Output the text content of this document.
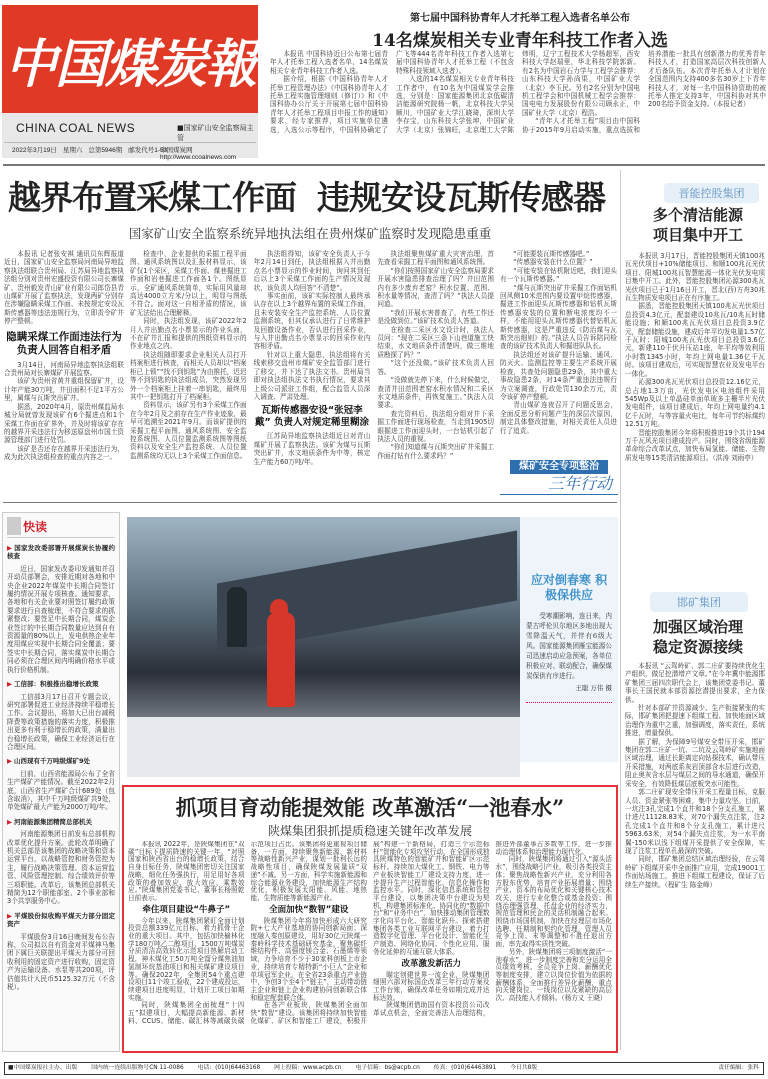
中国煤炭報
CHINA COAL NEWS	■国家矿山安全监察局主管
2022年3月19日 星期六 总第5946期 邮发代号1-53
中国煤炭网http://www.ccoalnews.com
第七届中国科协青年人才托举工程入选者名单公布
14名煤炭相关专业青年科技工作者入选

本报讯 中国科协近日公布第七届青年人才托举工程入选者名单，14名煤炭相关专业青年科技工作者入选。

据介绍，根据《中国科协青年人才托举工程管理办法》《中国科协青年人才托举工程实施管理细则（修订）》和《中国科协办公厅关于开展第七届中国科协青年人才托举工程项目申报工作的通知》要求，经专家推荐，项目实施单位遴选，入选公示等程序，中国科协确定了广飞等444名青年科技工作者入选第七届中国科协青年人才托举工程（不包含特殊科技领域入选者）。

入选的14名煤炭相关专业青年科技工作者中，有10名为中国煤炭学会推选，分别是：国家能源集团北京低碳清洁能源研究院杨一帆，北京科技大学吴顺川，中国矿业大学江晓琦，深圳大学李存宝，山东科技大学张坤，中国矿业大学（北京）张锦旺，北京理工大学陈炜明，辽宁工程技术大学杨超军，西安科技大学赵瑞里，华北科技学院郭新。有2名为中国岩石力学与工程学会推荐：山东科技大学孙尚渠，中国矿业大学（北京）李玉民。另有2名分别为中国电机工程学会和中国机械工程学会推荐：国电电力发展股份有限公司顾永正，中国矿业大学（北京）程浩。

“青年人才托举工程”项目由中国科协于2015年9月启动实施，重点选拔和培养潜能一批具有创新潜力的优秀青年科技人才，打造国家高层次科技创新人才后备队伍。本次青年托举人才计划在全国范围内支持400多名30岁上下青年科技人才，对每一名中国科协资助的被托举人推定支持3年，中国科协对其中200名给予资金支持。（本报记者）

越界布置采煤工作面  违规安设瓦斯传感器
国家矿山安全监察系统异地执法组在贵州煤矿监察时发现隐患重重

本报讯 记者张安祺 通讯员东辉报道 近日，国家矿山安全监察局河南局异地监察执法组联合贵州局、江苏局异地监察执法组分别对贵州宏盛投资有限公司长寨煤矿、贵州毅发青山矿业有限公司郎岱县青山煤矿开展了监察执法，发现两矿分别存在涉嫌隐瞒采煤工作面、未按规定安设瓦斯传感器等违法违规行为，立即责令矿井停产整顿。

隐瞒采煤工作面违法行为 负责人回答自相矛盾

3月14日，河南局异地监察执法组联合贵州局对长寨煤矿开展监察。

该矿为贵州省黄井重组保留矿井，设计年产能30万吨，井田面积不足1平方公里，属煤与瓦斯突出矿井。

据悉，2020年4月，原贵州煤监局水城分局就曾发现该矿有6个掘进点和1个采煤工作面在矿界外，并及时将该矿存在的越界开采违法行为移送原盘州市国土资源管理部门进行处罚。

该矿是否还存在越界开采违法行为，成为此次执法组检查的重点内容之一。

检查中，企业提供的采掘工程平面图、通风系统图以及汇报材料显示，该矿仅1个采区，采煤工作面、煤巷掘进工作面和岩巷掘进工作面各1个。图纸显示，全矿通风系统简单，实际用风量却高达4000立方米/分以上，明显与图纸不符合。面对这一自相矛盾的情况，该矿无法给出合理解释。

同时，执法组发现，该矿2022年2月入井出勤点名小票显示的作业头面，不在矿井汇报和提供的图纸资料显示的作业地点之内。

执法组随即要求企业相关人员打开档案柜进行核查，而相关人员却以“档案柜已上锁”“找不到钥匙”为由推托，迟迟等不到钥匙的执法组成员，突然发现另外一个档案柜上挂着一串钥匙，最终用其中一把钥匙打开了档案柜。

资料显示，该矿另有3个采煤工作面在今年2月及之前存在生产作业迹象，最早可追溯至2021年9月。而该矿提供的采掘工程平面图、通风系统图、安全监控系统图、人员位置监测系统图等图纸资料以及安全生产监控系统、人员位置监测系统均无以上3个采煤工作面信息。

执法组得知，该矿安全负责人于今年2月14日到任，执法组根据入井出勤点名小票显示的作业时间，询问其到任后以上3个采煤工作面的生产情况及现状，该负责人均回答“不清楚”。

事实面前，该矿实际控制人最终承认存在以上3个越界布置的采煤工作面，且未安装安全生产监控系统、人员位置监测系统，但其仅承认进行了日常维护及回撤设备作业，否认进行回采作业，与入井出勤点名小票显示的回采作业内容相矛盾。

针对以上重大隐患，执法组将有关线索移交盘州市煤矿安全监管部门进行了移交，并下达了执法文书。贵州局当即对执法组执法文书执行情况，要求其上级公司派驻工作组，配合监管人员深入调查、严肃处理。

瓦斯传感器安设“张冠李戴” 负责人对规定稀里糊涂

江苏局异地监察执法组近日对青山煤矿开展了监察执法。该矿为煤与瓦斯突出矿井，水文地质条件为中等，核定生产能力60万吨/年。

执法组聚焦煤矿重大灾害治理，首先查看采掘工程平面图和通风系统图。

“你们按照国家矿山安全监察局要求开展水害隐患排查治理了吗？井田范围内有多少废弃老窑？积水位置、范围、积水量等情况，查清了吗？”执法人员提问道。

“我们开展水害普查了，有些工作还是没做到位。”该矿技术负责人答道。

在检查二采区水文设计时，执法人员问：“现在二采区三条下山巷道施工快结束，水文地质条件清楚吗，做三维地质勘探了吗？”

“这个还没做。”该矿技术负责人回答。

“没做就先停下来，什么时候做完，查清井田范围老窑水积水情况和二采区水文地质条件，再恢复施工。”执法人员要求。

查完资料后，执法组分组对井下采掘工作面进行现场检查，当走到1905切眼掘进工作面迎头时，一台钻机引起了执法人员的重视。

“你们知道煤与瓦斯突出矿井采掘工作面打钻有什么要求吗？”

“可能要装瓦斯传感器吧。”

“传感器安装在什么位置？”

“可能安装在钻机附近吧，我们迎头有一个瓦斯传感器。”

“煤与瓦斯突出矿井采掘工作面钻机回风侧10米范围内要设置甲烷传感器，掘进工作面迎头瓦斯传感器和钻机瓦斯传感器安装的位置和断电浓度均不一样，不能用迎头瓦斯传感器代替钻机瓦斯传感器，这是严重违反《防治煤与瓦斯突出细则》的。”执法人员告诉陪同检查的该矿技术负责人和掘进队队长。

执法组还对该矿提升运输、通风、防灭火、监测监控等主要生产系统开展检查，共查处问题隐患29条，其中重大事故隐患2条，对14条严重违法违规行为立案调查，行政处罚130余万元，责令该矿停产整顿。

青山煤矿连夜召开了问题反思会，全面反思分析问题产生的深层次原因，制定具体整改措施，对相关责任人员进行了追责。

煤矿安全专项整治
三年行动
晋能控股集团
多个清洁能源项目集中开工

本报讯 3月17日，晋能控股集团天镇100兆瓦光伏项目+10%储能项目、和顺100兆瓦光伏项目、阳城100兆瓦智慧能源一体化光伏发电项目集中开工。此外，晋能控股集团沁源300兆瓦光伏项目已于1月16日开工，晋北(西)方舟30兆瓦生物质发电项目正在有序施工。

据悉，晋能控股集团天镇100兆瓦光伏项目总投资4.3亿元，配套建设10兆瓦/10兆瓦时储能设施；和顺100兆瓦光伏项目总投资3.9亿元，配套储能设施，建成后年平均发电量1.57亿千瓦时；阳城100兆瓦光伏项目总投资3.6亿元，新建110千伏升压站1座，年平均等效利用小时数1345小时，年均上网电量1.36亿千瓦时。该项目建成后，可实现智慧农业及发电平台一体化。

沁源300兆瓦光伏项目总投资12.16亿元，总占地1.3万亩，光伏发电区电池组件采用545Wp及以上单晶硅单面单玻多主栅半片光伏发电组件，该项目建成后，年均上网电量约4.1亿千瓦时，与等容量火电比，每年可节约标煤约12.51万吨。

晋能控股集团今年将积极推进19个共计194万千瓦风光项目建成投产。同时，围绕省级能源革命综合改革试点，加快布局氢能、储能、生物质发电等15类清洁能源项目。（洪涛 刘雨亭）

邯矿集团
加强区域治理 稳定资源接续

本报讯 “云驾岭矿、郭二庄矿要持续优化生产组织，做足挖潜增产文章。”在今年冀中能源邯矿集团三届四次职代会上，该集团党委书记、董事长王国民就本部资源挖潜提出要求，全力保供。

针对本部矿井资源减少、生产衔接紧张的实际，邯矿集团把提速下组煤工程、加快地面区域治理作为重中之重，加强调度，落实责任，系统推进，增量保供。

据了解，为保障9号煤安全带压开采，邯矿集团在郭二庄矿一坑、二坑及云驾岭矿实施地面区域治理，通过长距离定向钻探技术，确认带压开采措施，对两底系灰岩顶部含水层进行改造，阻止奥灰含水层与煤层之间的导水通道，确保开采安全，有效降低煤层底板突水可能性。

郭二庄矿现安全带压开采工程量目标，克服人员、资金紧张等困难，集中力量攻坚。目前，一坑注3孔完成1个直井和18个分支孔施工，累计进尺11128.83米，对70个漏失点注浆，注2孔完成1个直井和8个分支孔施工，累计进尺5963.63米，对54个漏失点注浆，为一水平南翼-150米以浅下组煤开采提供了安全保障，实现了注浆工程单孔最深的突破。

同时，邯矿集团总结区域治理经验，在云驾岭矿下组煤开采中全面推广应用，完成19001工作面钻场施工，推进下组煤工程建设，保证了后续生产接续。（程矿生 陈金峰）

快读
▶ 国家发改委部署开展煤炭长协履约核查

近日，国家发改委印发通知并召开动员部署会，安排近期对各地和中央企业2022年煤炭中长期合同签订履约情况开展专项核查。通知要求，各地和有关企业要对照签订履约政策要求进行自查梳理，不符合要求的抓紧整改；要签足中长期合同，煤炭企业签订的中长期合同数量应达到自有资源量的80%以上，发电供热企业年度用煤应实现中长期合同全覆盖；要签实中长期合同，落实煤炭中长期合同必须在合理区间内明确价格水平或执行价格机制。

▶ 工信部：积极推出稳增长政策

工信部3月17日召开专题会议，研究部署促进工业经济持续平稳增长工作。会议提出，将加大已出台减税降费等政策措施的落实力度，积极推出更多有利于稳增长的政策，满量出台稳增长政策，确保工业经济运行在合理区间。

▶ 山西现有千万吨级煤矿9处

目前，山西省能源局公布了全省生产煤矿产能情况。截至2022年2月底，山西省生产煤矿合计689处（包含取消），其中千万吨级煤矿共9处，单处煤矿最大产能为2000万吨/年。

▶ 河南能源集团精简总部机关

河南能源集团日前发布总部机构改革优化提升方案。此轮改革明确了机关总部是该集团的战略决策和资本运营平台，以战略管控和财务管控为主，履行战略决策管理、资本运营监管、风险管理控制、综合绩效评价等三项职能。改革后，该集团总部机关精简为12个职能部室、2个事业部和3个共享服务中心。

▶ 平煤股份拟收购平煤天力部分固定资产

平煤股份3月16日晚间发布公告称，公司拟以自有资金对平煤神马集团下属巨关联提出平煤天力部分可回收利用的固定资产进行收购，固定资产为运输设备、水泵等共200项，评估值共计人民币5125.32万元（不含税）。

应对倒春寒 积极保供应

受寒潮影响，连日来，内蒙古呼伦贝尔地区多地出现大雪降温天气，并伴有6级大风。国家能源集团雁宝能源公司迅速启动应急预案，各单位积极应对、联动配合，确保煤炭保供有序进行。

王聪 万伟 摄
抓项目育动能提效能 改革激活“一池春水”
陕煤集团狠抓提质稳速关键年改革发展

本报讯 2022年，是陕煤集团在“双碳”目标下提质降速的关键一年。“对照国家和陕西省出台的稳增长政策，结合自身目标任务，陕煤集团密切关注国家战略，细化任务强执行，用足用好各项政策的叠加效应、放大效应、乘数效应。”陕煤集团党委书记、董事长杨照乾日前表示。

牵住项目建设“牛鼻子”

今年以来，陕煤集团紧盯全面计划投资总额339亿元目标，着力抓骨干企业的重大项目。其中，包括加快榆林化学180万吨乙二醇项目、1500万吨煤炭分质清洁高效转化示范项目热解启动工程，神木煤化工50万吨全馏分煤焦油加氢制环烷基油项目和相关煤矿建设项目等。确保2022年，全集团54个重点建设项目11个竣工验收，22个建成投运，续建项目进度明显，计划开工项目如期实施。

同时，陕煤集团全面梳理“十四五”拟建项目，大幅提高新能源、新材料、CCUS、储能、碳汇林等减碳负碳示范项目占比。该集团将更重视项目储备，一方面，持续聚焦新能源、新材料等战略性新兴产业，谋划一批利长远的战略性项目，确保陕煤发展量质“双递”不减。另一方面，科学实施新能源和综合能源业务建设，加快能源生产结构优化，积极发展太阳能、风能、地热能、生物质能等新能源产业。

全面加快“数智”建设

陕煤集团今年将加快形成六大研究院+七大产业基地的协同创新局面；深度融入秦创原建设，用好30亿元陕煤一秦岭科学技术基础研究基金，聚焦碳纤维结构件、高强度镁合金、石墨烯等领域，力争培育不少于30家科创板上市企业，持续培育专精特新“小巨人”企业和单项冠军企业。在全省23条重点产业链中，争创3个至4个“链主”，主动带动链主企业和链上企业构建协同创新联合体和稳定配套联合体。

在各产业板块，陕煤集团全面加快“数智”建设。该集团将持续加快智能化煤矿、矿区和智能工厂建设，积极开展“构建一个新格局，打造三个示范标杆”智能化专项攻坚行动，在全国形成独具陕煤特色的智能矿井和智能矿区示范标杆。持续加大煤化工、钢铁、电力等产业板块智能工厂建设支持力度，进一步提升生产过程智能化、信息化操作和监控水平。同时，深化信息系统和管控平台建设，以集团决策中台建设为契机，构建集团标准化、协同化的“数据中台”和“业务中台”，加快推动集团管理数字化向平台化、智能化跃升。探索搭建集团各类工业互联网平台建设，着力打造数字化管理、平台化设计、智能化生产制造、网络化协同、个性化应用、服务化延伸的互通互联大体系。

改革激发新活力

瞄定创建世界一流企业，陕煤集团细照六部对标国企改革三年行动方案及工作台账，确保改革任务如期完成并达标达效。

陕煤集团借助国有资本投资公司改革试点机会，全面完善法人治理结构，推进外部董事占多数等工作，进一步推动治理体系和治理能力现代化。

同时，陕煤集团将通过引入“源头活水”，围绕战略引产业，吸引各类投资主体；聚焦战略性新兴产业，充分利用各方股东优势，培育产业拓展增量；围绕产业、资本的布局优化和关键核心技术攻关，进行专业化整合或基金投资；围绕治理强管理，托盘企业的经济实力，规范管理和民企的灵活机制融合起来。围绕市场国机制，加快在经理层市场化选聘、任期制和契约化管理，管理人员竞争上岗、末等调整和不胜任退出方面，率先取得实质性突破。

另外，陕煤集团将三项制度激活“一池春水”，进一步制度完善和充分运用全员绩效考核、全员竞争上岗、薪酬优化等制度安排，建立以岗位价值为依据的薪酬体系，全面推行差异化薪酬，重点向关键岗位、一线岗位以及紧缺的高层次、高技能人才倾斜。（杨方义 王晓）

■中国煤炭报社主办、出版 国内统一连续出版物号CN 11-0086 电话：(010)64463168 网上投稿：www.acpb.cn 电子信箱：bs@acpb.cn 传真：(010)64463891 今日共8版	责任编辑：张科
